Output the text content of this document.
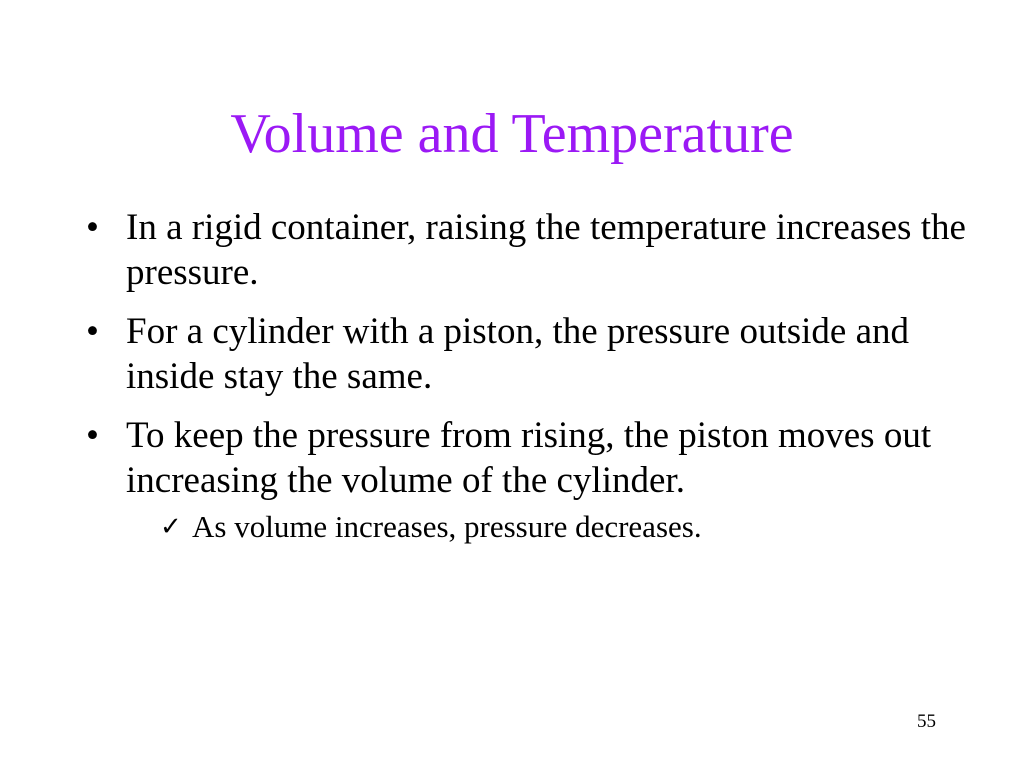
Volume and Temperature
• In a rigid container, raising the temperature increases the pressure.
• For a cylinder with a piston, the pressure outside and inside stay the same.
• To keep the pressure from rising, the piston moves out increasing the volume of the cylinder.
✓ As volume increases, pressure decreases.
55
